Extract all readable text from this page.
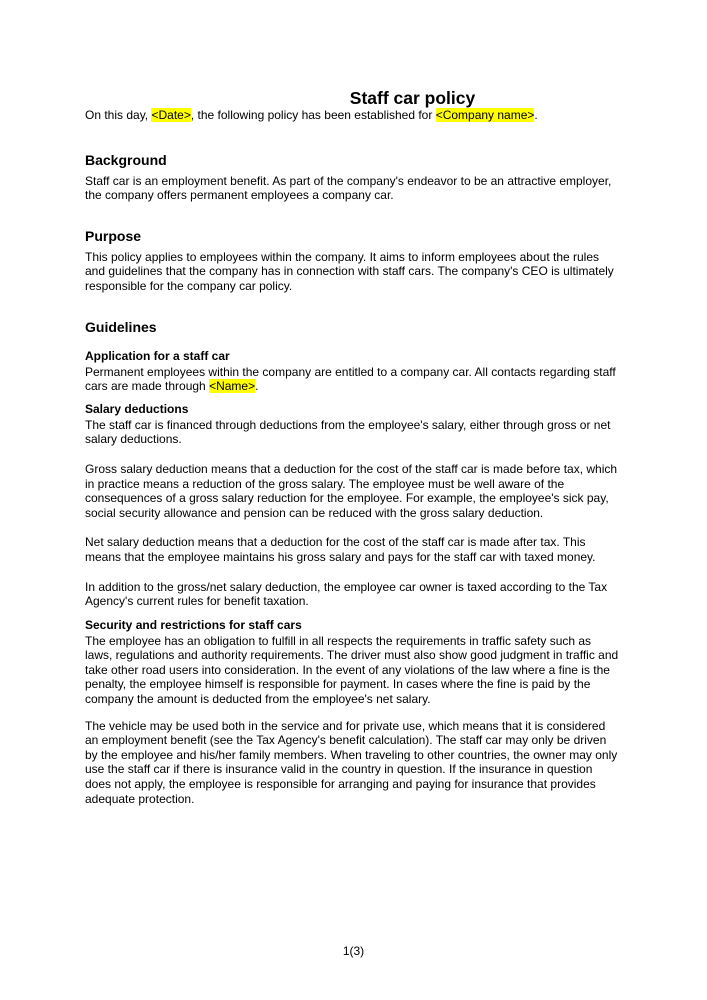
Staff car policy

On this day, <Date>, the following policy has been established for <Company name>.

Background

Staff car is an employment benefit. As part of the company's endeavor to be an attractive employer, the company offers permanent employees a company car.

Purpose

This policy applies to employees within the company. It aims to inform employees about the rules and guidelines that the company has in connection with staff cars. The company's CEO is ultimately responsible for the company car policy.

Guidelines
Application for a staff car

Permanent employees within the company are entitled to a company car. All contacts regarding staff cars are made through <Name>.

Salary deductions

The staff car is financed through deductions from the employee's salary, either through gross or net salary deductions.

Gross salary deduction means that a deduction for the cost of the staff car is made before tax, which in practice means a reduction of the gross salary. The employee must be well aware of the consequences of a gross salary reduction for the employee. For example, the employee's sick pay, social security allowance and pension can be reduced with the gross salary deduction.

Net salary deduction means that a deduction for the cost of the staff car is made after tax. This means that the employee maintains his gross salary and pays for the staff car with taxed money.

In addition to the gross/net salary deduction, the employee car owner is taxed according to the Tax Agency's current rules for benefit taxation.

Security and restrictions for staff cars

The employee has an obligation to fulfill in all respects the requirements in traffic safety such as laws, regulations and authority requirements. The driver must also show good judgment in traffic and take other road users into consideration. In the event of any violations of the law where a fine is the penalty, the employee himself is responsible for payment. In cases where the fine is paid by the company the amount is deducted from the employee's net salary.

The vehicle may be used both in the service and for private use, which means that it is considered an employment benefit (see the Tax Agency's benefit calculation). The staff car may only be driven by the employee and his/her family members. When traveling to other countries, the owner may only use the staff car if there is insurance valid in the country in question. If the insurance in question does not apply, the employee is responsible for arranging and paying for insurance that provides adequate protection.

1(3)
